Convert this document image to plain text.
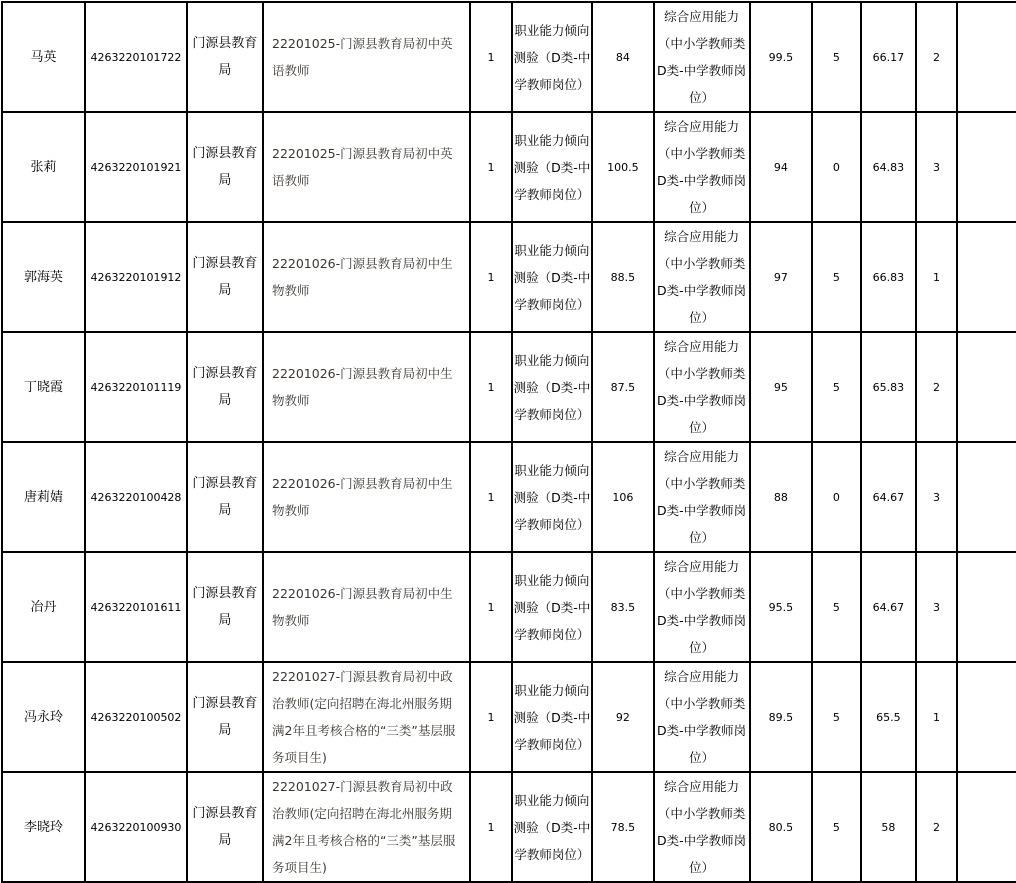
马英	4263220101722	门源县教育局	22201025-门源县教育局初中英语教师	1	职业能力倾向测验（D类-中学教师岗位）	84	综合应用能力（中小学教师类D类-中学教师岗位）	99.5	5	66.17	2	
张莉	4263220101921	门源县教育局	22201025-门源县教育局初中英语教师	1	职业能力倾向测验（D类-中学教师岗位）	100.5	综合应用能力（中小学教师类D类-中学教师岗位）	94	0	64.83	3	
郭海英	4263220101912	门源县教育局	22201026-门源县教育局初中生物教师	1	职业能力倾向测验（D类-中学教师岗位）	88.5	综合应用能力（中小学教师类D类-中学教师岗位）	97	5	66.83	1	
丁晓霞	4263220101119	门源县教育局	22201026-门源县教育局初中生物教师	1	职业能力倾向测验（D类-中学教师岗位）	87.5	综合应用能力（中小学教师类D类-中学教师岗位）	95	5	65.83	2	
唐莉婧	4263220100428	门源县教育局	22201026-门源县教育局初中生物教师	1	职业能力倾向测验（D类-中学教师岗位）	106	综合应用能力（中小学教师类D类-中学教师岗位）	88	0	64.67	3	
冶丹	4263220101611	门源县教育局	22201026-门源县教育局初中生物教师	1	职业能力倾向测验（D类-中学教师岗位）	83.5	综合应用能力（中小学教师类D类-中学教师岗位）	95.5	5	64.67	3	
冯永玲	4263220100502	门源县教育局	22201027-门源县教育局初中政治教师(定向招聘在海北州服务期满2年且考核合格的“三类”基层服务项目生)	1	职业能力倾向测验（D类-中学教师岗位）	92	综合应用能力（中小学教师类D类-中学教师岗位）	89.5	5	65.5	1	
李晓玲	4263220100930	门源县教育局	22201027-门源县教育局初中政治教师(定向招聘在海北州服务期满2年且考核合格的“三类”基层服务项目生)	1	职业能力倾向测验（D类-中学教师岗位）	78.5	综合应用能力（中小学教师类D类-中学教师岗位）	80.5	5	58	2	
